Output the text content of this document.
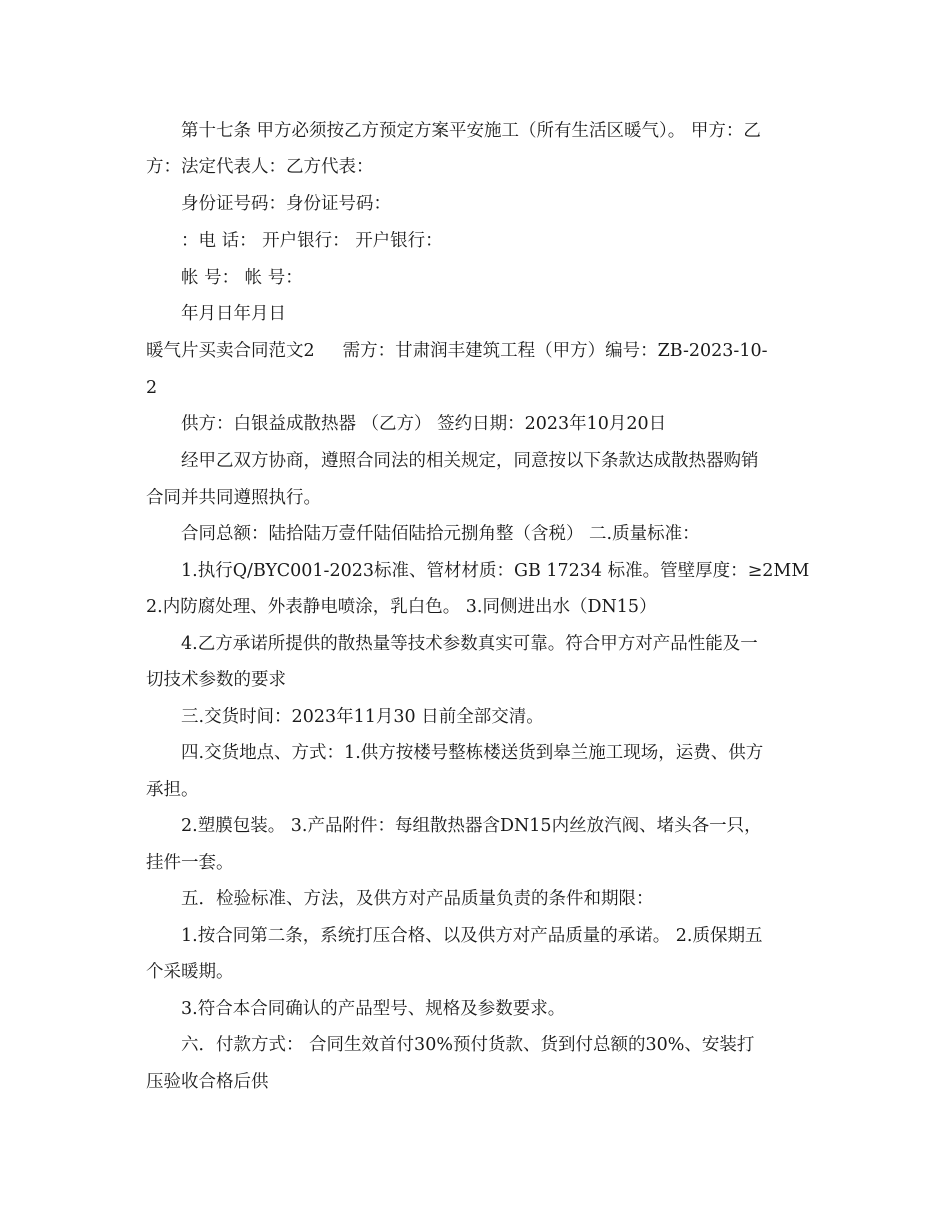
第十七条 甲方必须按乙方预定方案平安施工（所有生活区暖气）。 甲方：乙
方：法定代表人：乙方代表：
身份证号码：身份证号码：
：电 话： 开户银行： 开户银行：
帐 号： 帐 号：
年月日年月日
暖气片买卖合同范文2 需方：甘肃润丰建筑工程（甲方）编号：ZB-2023-10-
2
供方：白银益成散热器 （乙方） 签约日期：2023年10月20日
经甲乙双方协商，遵照合同法的相关规定，同意按以下条款达成散热器购销
合同并共同遵照执行。
合同总额：陆拾陆万壹仟陆佰陆拾元捌角整（含税） 二.质量标准：
1.执行Q/BYC001-2023标准、管材材质：GB 17234 标准。管壁厚度：≥2MM
2.内防腐处理、外表静电喷涂，乳白色。 3.同侧进出水（DN15）
4.乙方承诺所提供的散热量等技术参数真实可靠。符合甲方对产品性能及一
切技术参数的要求
三.交货时间：2023年11月30 日前全部交清。
四.交货地点、方式：1.供方按楼号整栋楼送货到皋兰施工现场，运费、供方
承担。
2.塑膜包装。 3.产品附件：每组散热器含DN15内丝放汽阀、堵头各一只，
挂件一套。
五．检验标准、方法，及供方对产品质量负责的条件和期限：
1.按合同第二条，系统打压合格、以及供方对产品质量的承诺。 2.质保期五
个采暖期。
3.符合本合同确认的产品型号、规格及参数要求。
六．付款方式： 合同生效首付30%预付货款、货到付总额的30%、安装打
压验收合格后供
